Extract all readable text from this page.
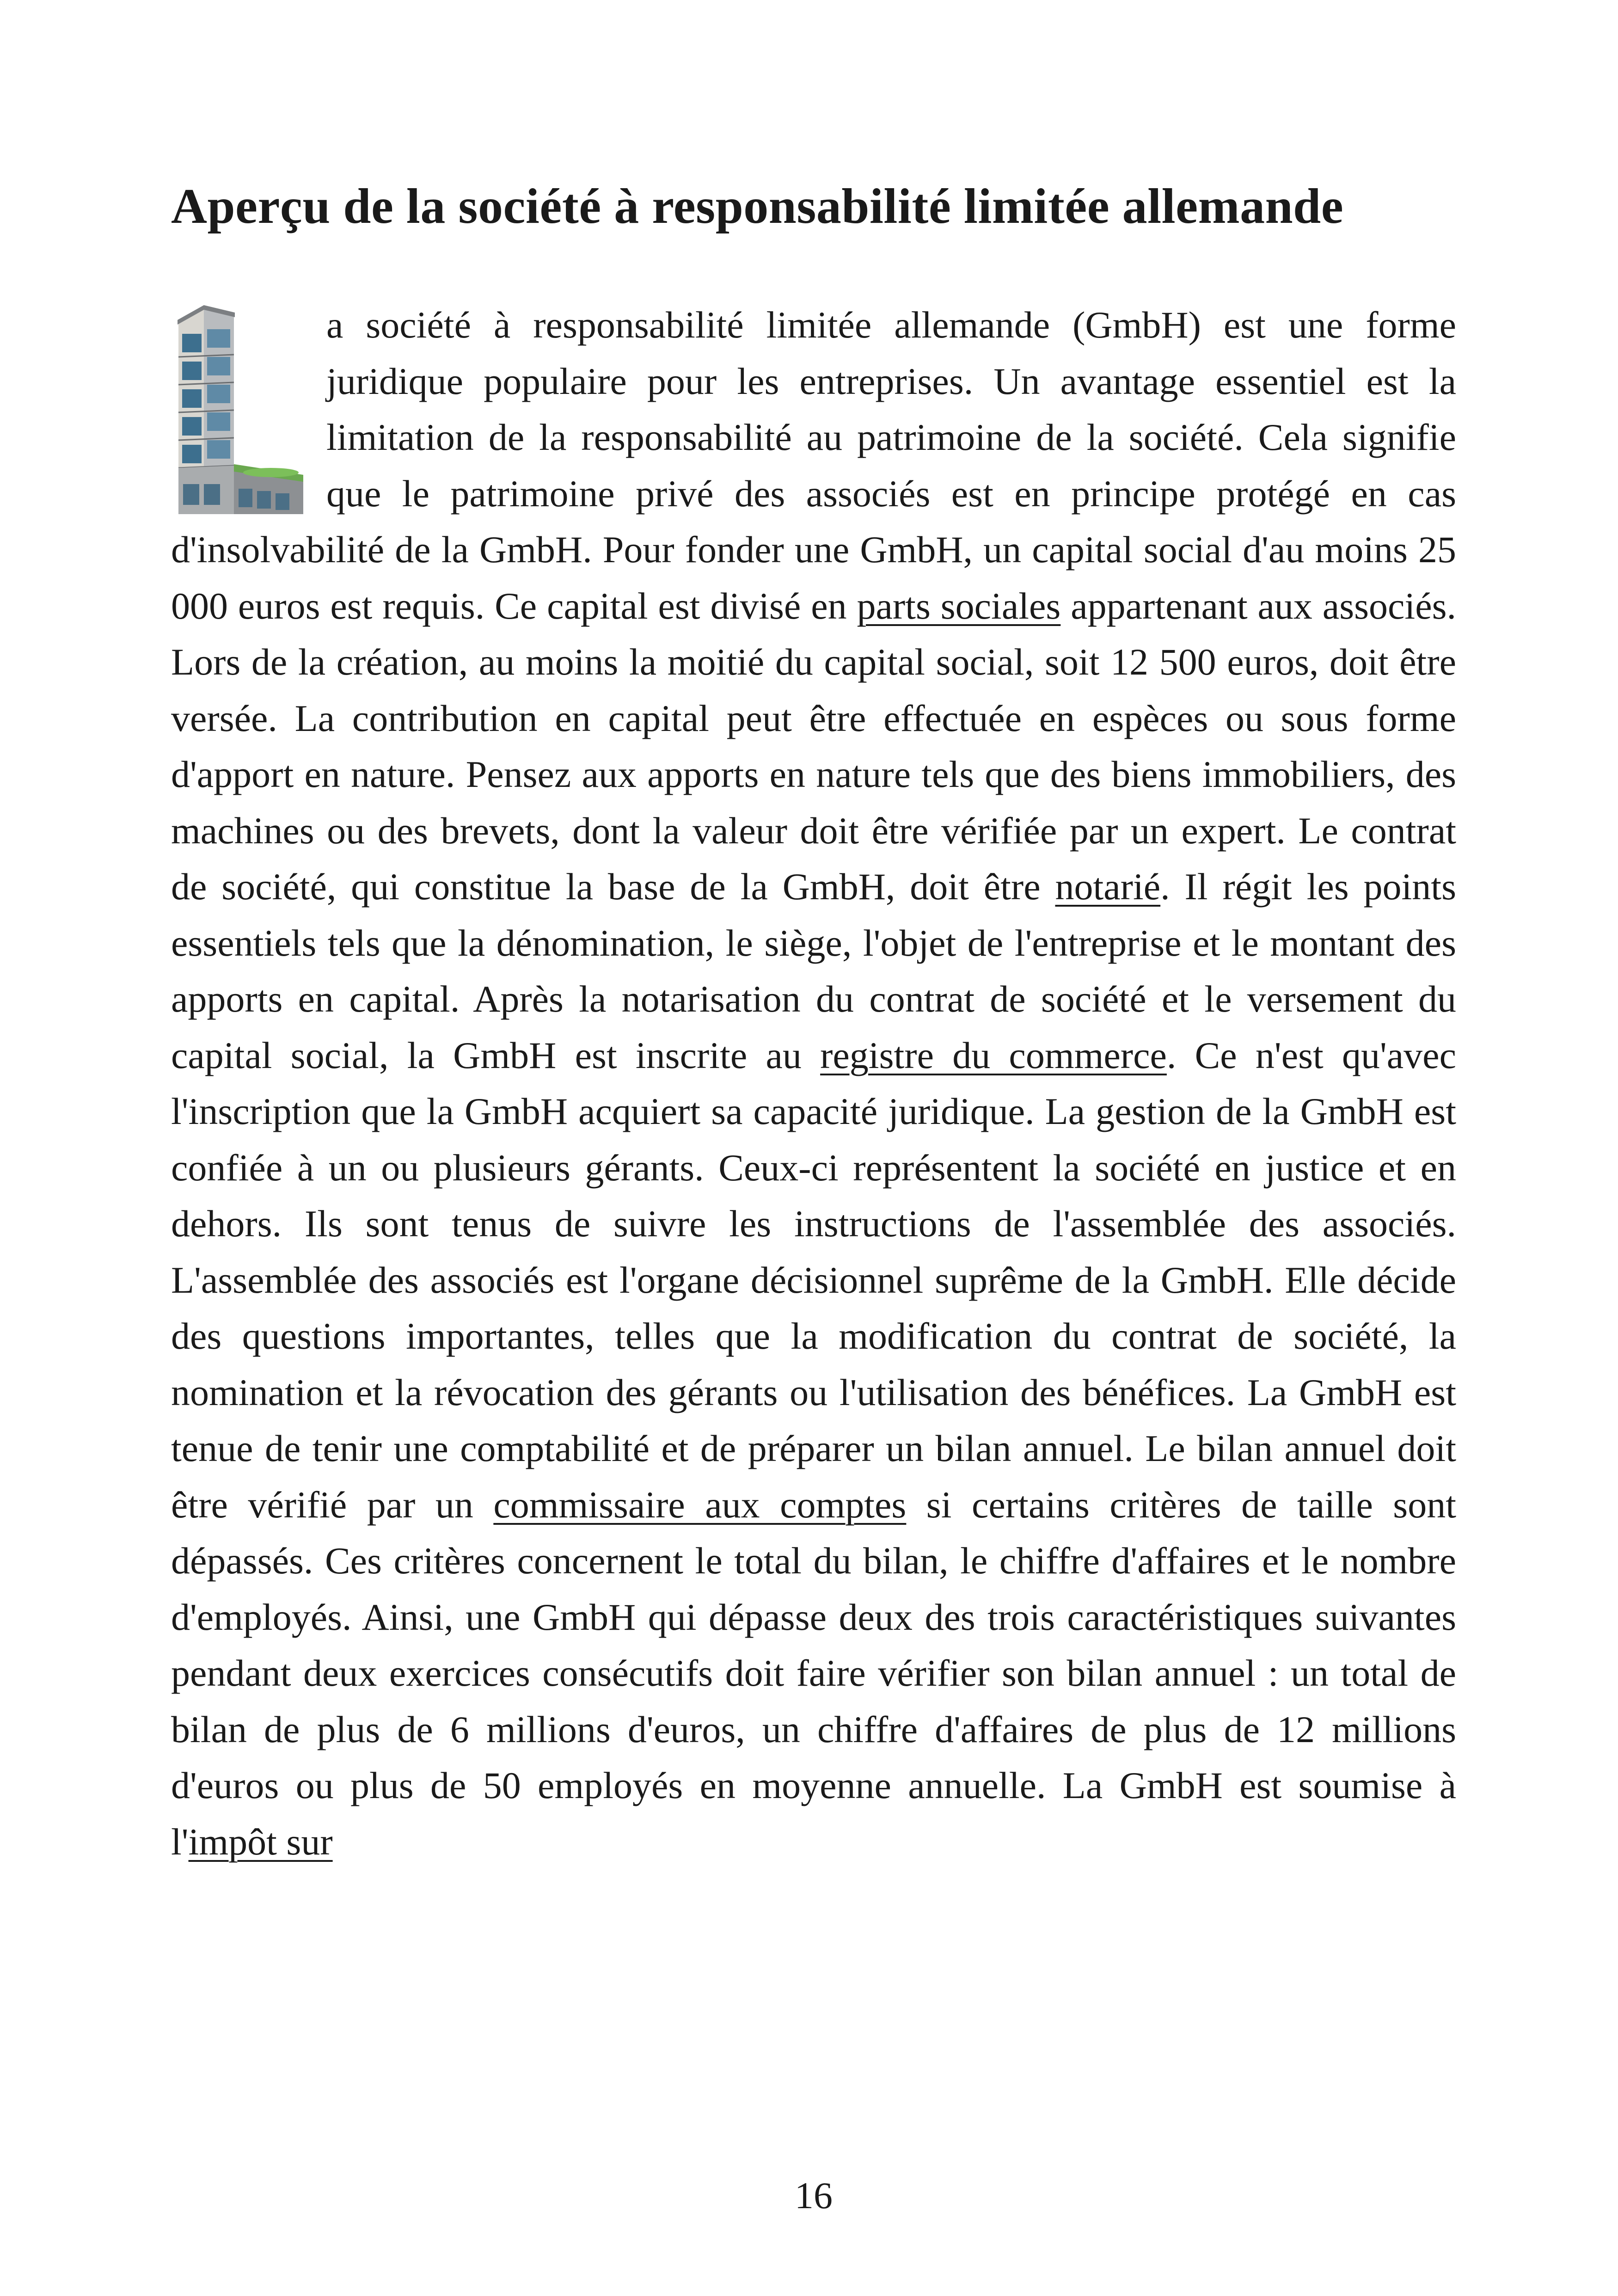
Aperçu de la société à responsabilité limitée allemande

a société à responsabilité limitée allemande (GmbH) est une forme juridique populaire pour les entreprises. Un avantage essentiel est la limitation de la responsabilité au patrimoine de la société. Cela signifie que le patrimoine privé des associés est en principe protégé en cas d'insolvabilité de la GmbH. Pour fonder une GmbH, un capital social d'au moins 25 000 euros est requis. Ce capital est divisé en parts sociales appartenant aux associés. Lors de la création, au moins la moitié du capital social, soit 12 500 euros, doit être versée. La contribution en capital peut être effectuée en espèces ou sous forme d'apport en nature. Pensez aux apports en nature tels que des biens immobiliers, des machines ou des brevets, dont la valeur doit être vérifiée par un expert. Le contrat de société, qui constitue la base de la GmbH, doit être notarié. Il régit les points essentiels tels que la dénomination, le siège, l'objet de l'entreprise et le montant des apports en capital. Après la notarisation du contrat de société et le versement du capital social, la GmbH est inscrite au registre du commerce. Ce n'est qu'avec l'inscription que la GmbH acquiert sa capacité juridique. La gestion de la GmbH est confiée à un ou plusieurs gérants. Ceux-ci représentent la société en justice et en dehors. Ils sont tenus de suivre les instructions de l'assemblée des associés. L'assemblée des associés est l'organe décisionnel suprême de la GmbH. Elle décide des questions importantes, telles que la modification du contrat de société, la nomination et la révocation des gérants ou l'utilisation des bénéfices. La GmbH est tenue de tenir une comptabilité et de préparer un bilan annuel. Le bilan annuel doit être vérifié par un commissaire aux comptes si certains critères de taille sont dépassés. Ces critères concernent le total du bilan, le chiffre d'affaires et le nombre d'employés. Ainsi, une GmbH qui dépasse deux des trois caractéristiques suivantes pendant deux exercices consécutifs doit faire vérifier son bilan annuel : un total de bilan de plus de 6 millions d'euros, un chiffre d'affaires de plus de 12 millions d'euros ou plus de 50 employés en moyenne annuelle. La GmbH est soumise à l'impôt sur

16
